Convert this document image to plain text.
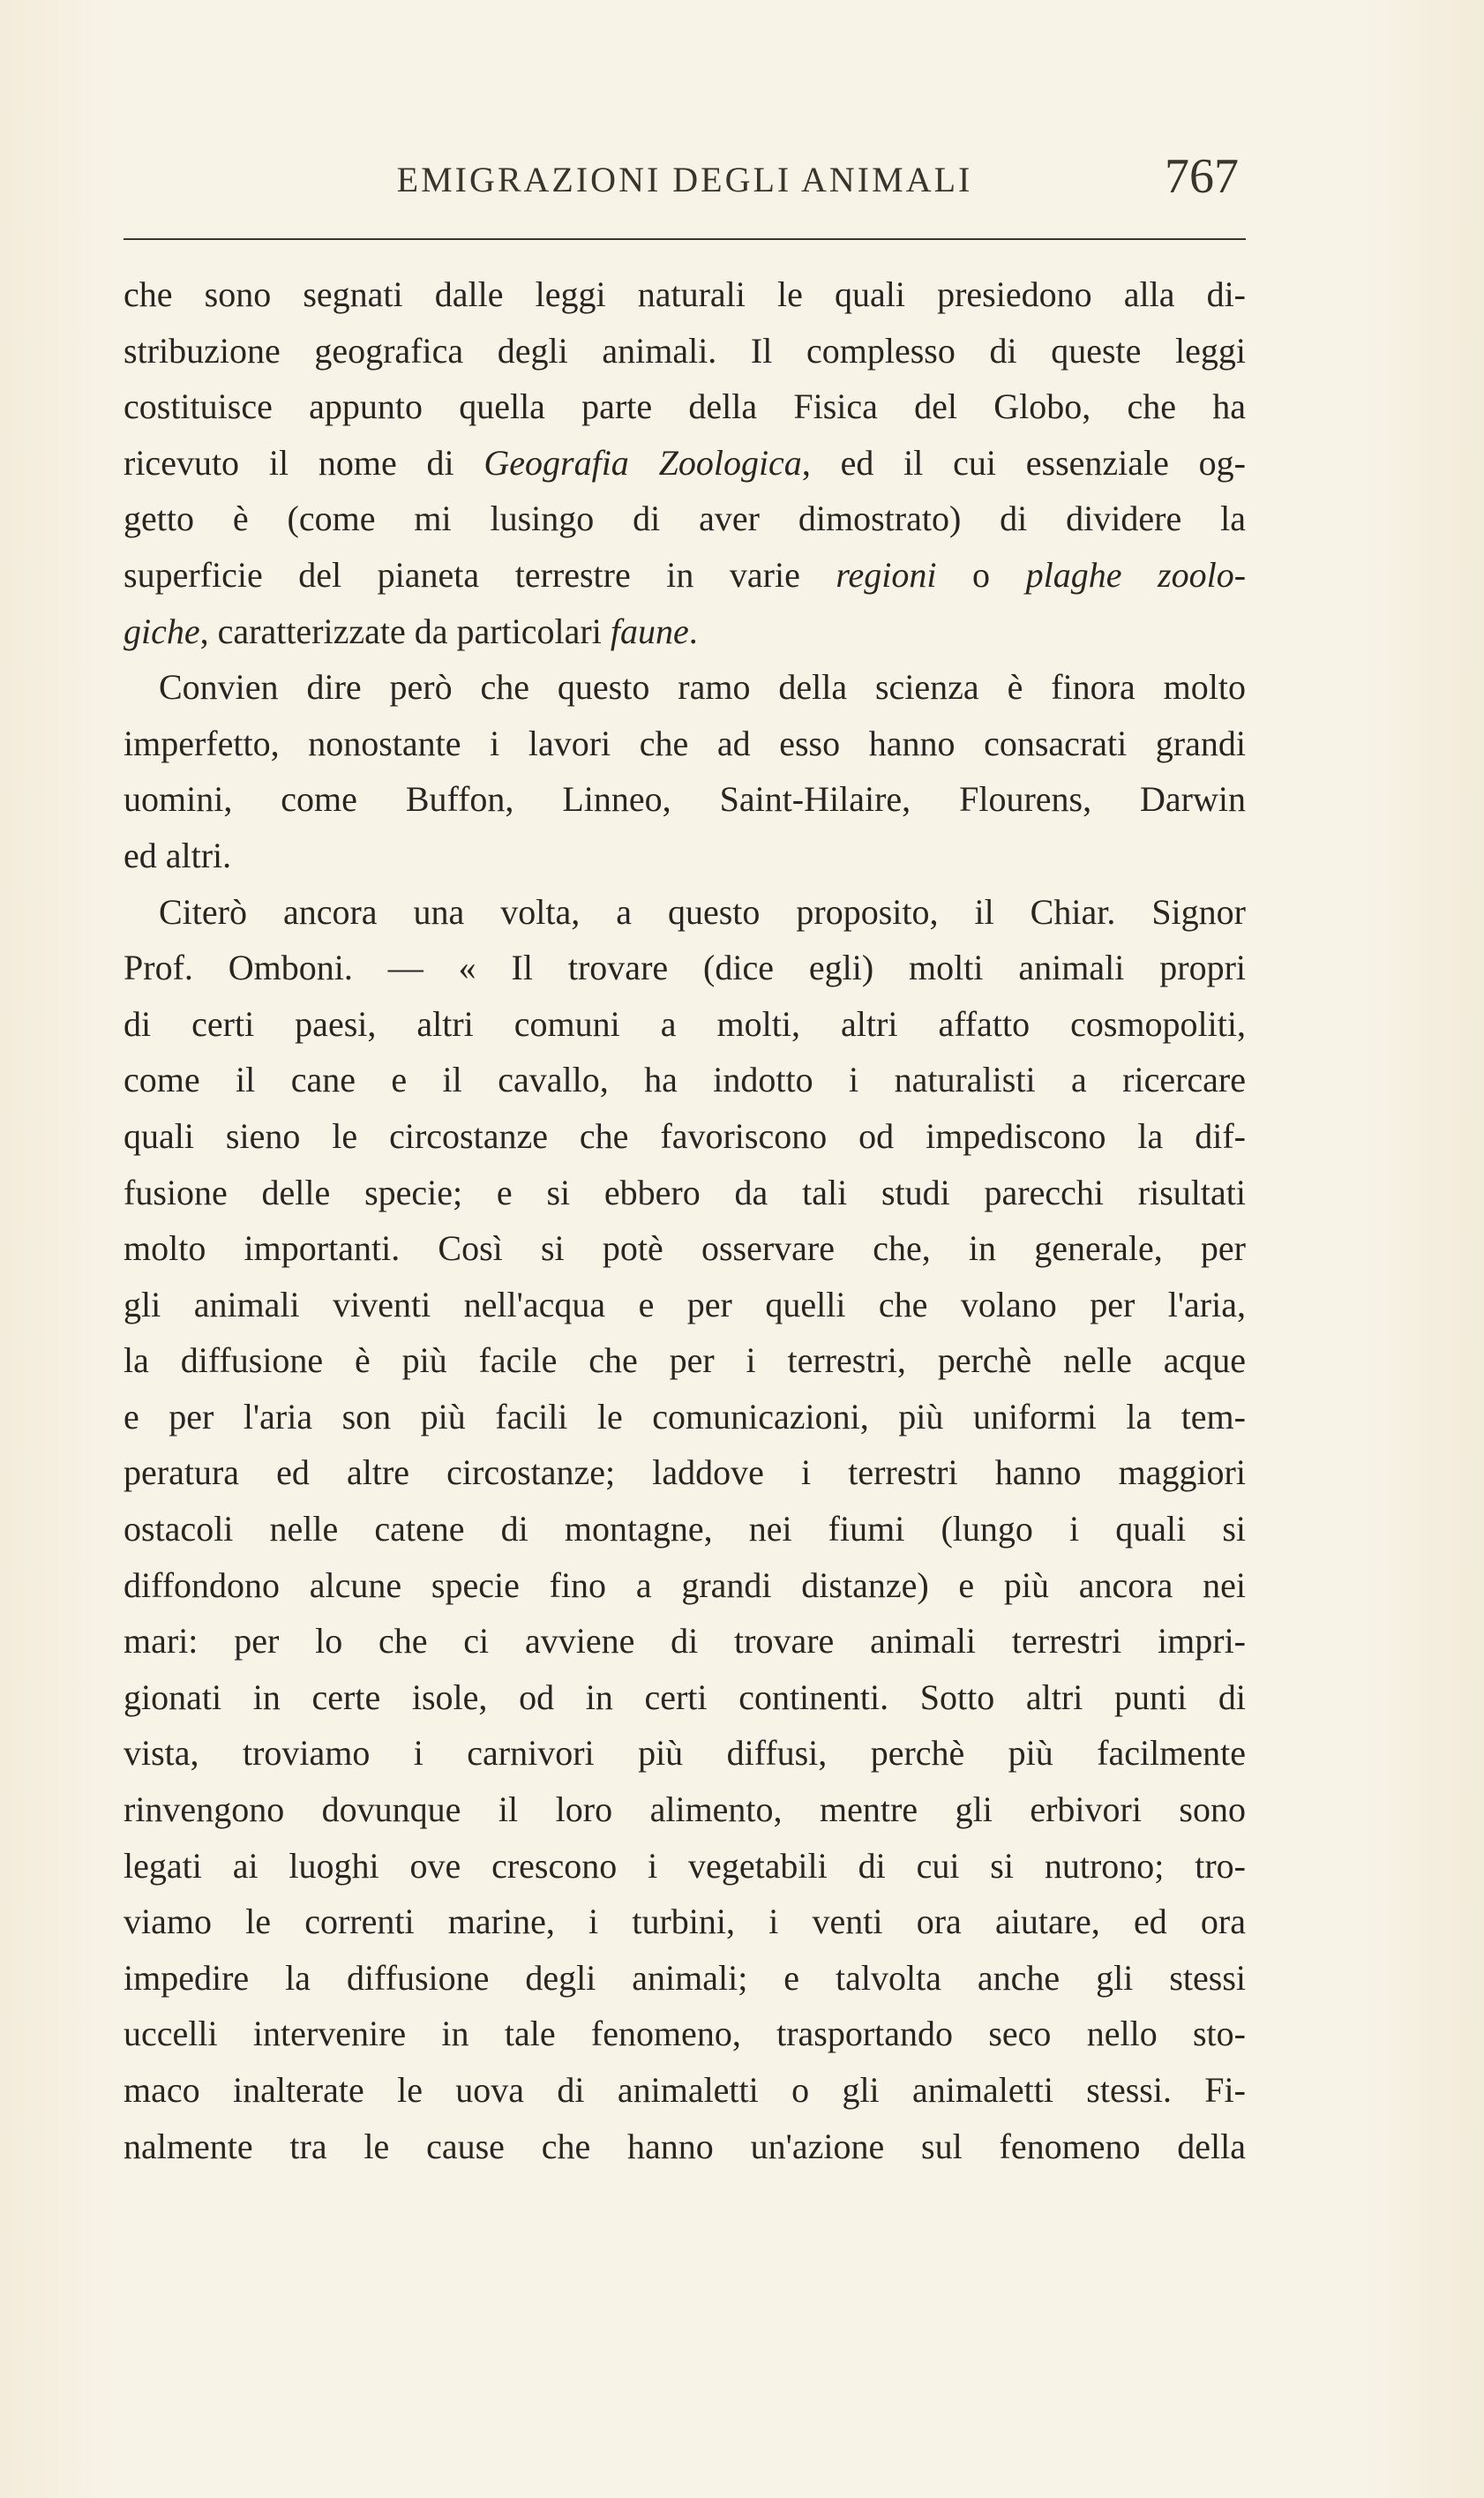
EMIGRAZIONI DEGLI ANIMALI	767
che sono segnati dalle leggi naturali le quali presiedono alla di-
stribuzione geografica degli animali. Il complesso di queste leggi
costituisce appunto quella parte della Fisica del Globo, che ha
ricevuto il nome di Geografia Zoologica, ed il cui essenziale og-
getto è (come mi lusingo di aver dimostrato) di dividere la
superficie del pianeta terrestre in varie regioni o plaghe zoolo-
giche, caratterizzate da particolari faune.
Convien dire però che questo ramo della scienza è finora molto
imperfetto, nonostante i lavori che ad esso hanno consacrati grandi
uomini, come Buffon, Linneo, Saint-Hilaire, Flourens, Darwin
ed altri.
Citerò ancora una volta, a questo proposito, il Chiar. Signor
Prof. Omboni. — « Il trovare (dice egli) molti animali propri
di certi paesi, altri comuni a molti, altri affatto cosmopoliti,
come il cane e il cavallo, ha indotto i naturalisti a ricercare
quali sieno le circostanze che favoriscono od impediscono la dif-
fusione delle specie; e si ebbero da tali studi parecchi risultati
molto importanti. Così si potè osservare che, in generale, per
gli animali viventi nell'acqua e per quelli che volano per l'aria,
la diffusione è più facile che per i terrestri, perchè nelle acque
e per l'aria son più facili le comunicazioni, più uniformi la tem-
peratura ed altre circostanze; laddove i terrestri hanno maggiori
ostacoli nelle catene di montagne, nei fiumi (lungo i quali si
diffondono alcune specie fino a grandi distanze) e più ancora nei
mari: per lo che ci avviene di trovare animali terrestri impri-
gionati in certe isole, od in certi continenti. Sotto altri punti di
vista, troviamo i carnivori più diffusi, perchè più facilmente
rinvengono dovunque il loro alimento, mentre gli erbivori sono
legati ai luoghi ove crescono i vegetabili di cui si nutrono; tro-
viamo le correnti marine, i turbini, i venti ora aiutare, ed ora
impedire la diffusione degli animali; e talvolta anche gli stessi
uccelli intervenire in tale fenomeno, trasportando seco nello sto-
maco inalterate le uova di animaletti o gli animaletti stessi. Fi-
nalmente tra le cause che hanno un'azione sul fenomeno della
